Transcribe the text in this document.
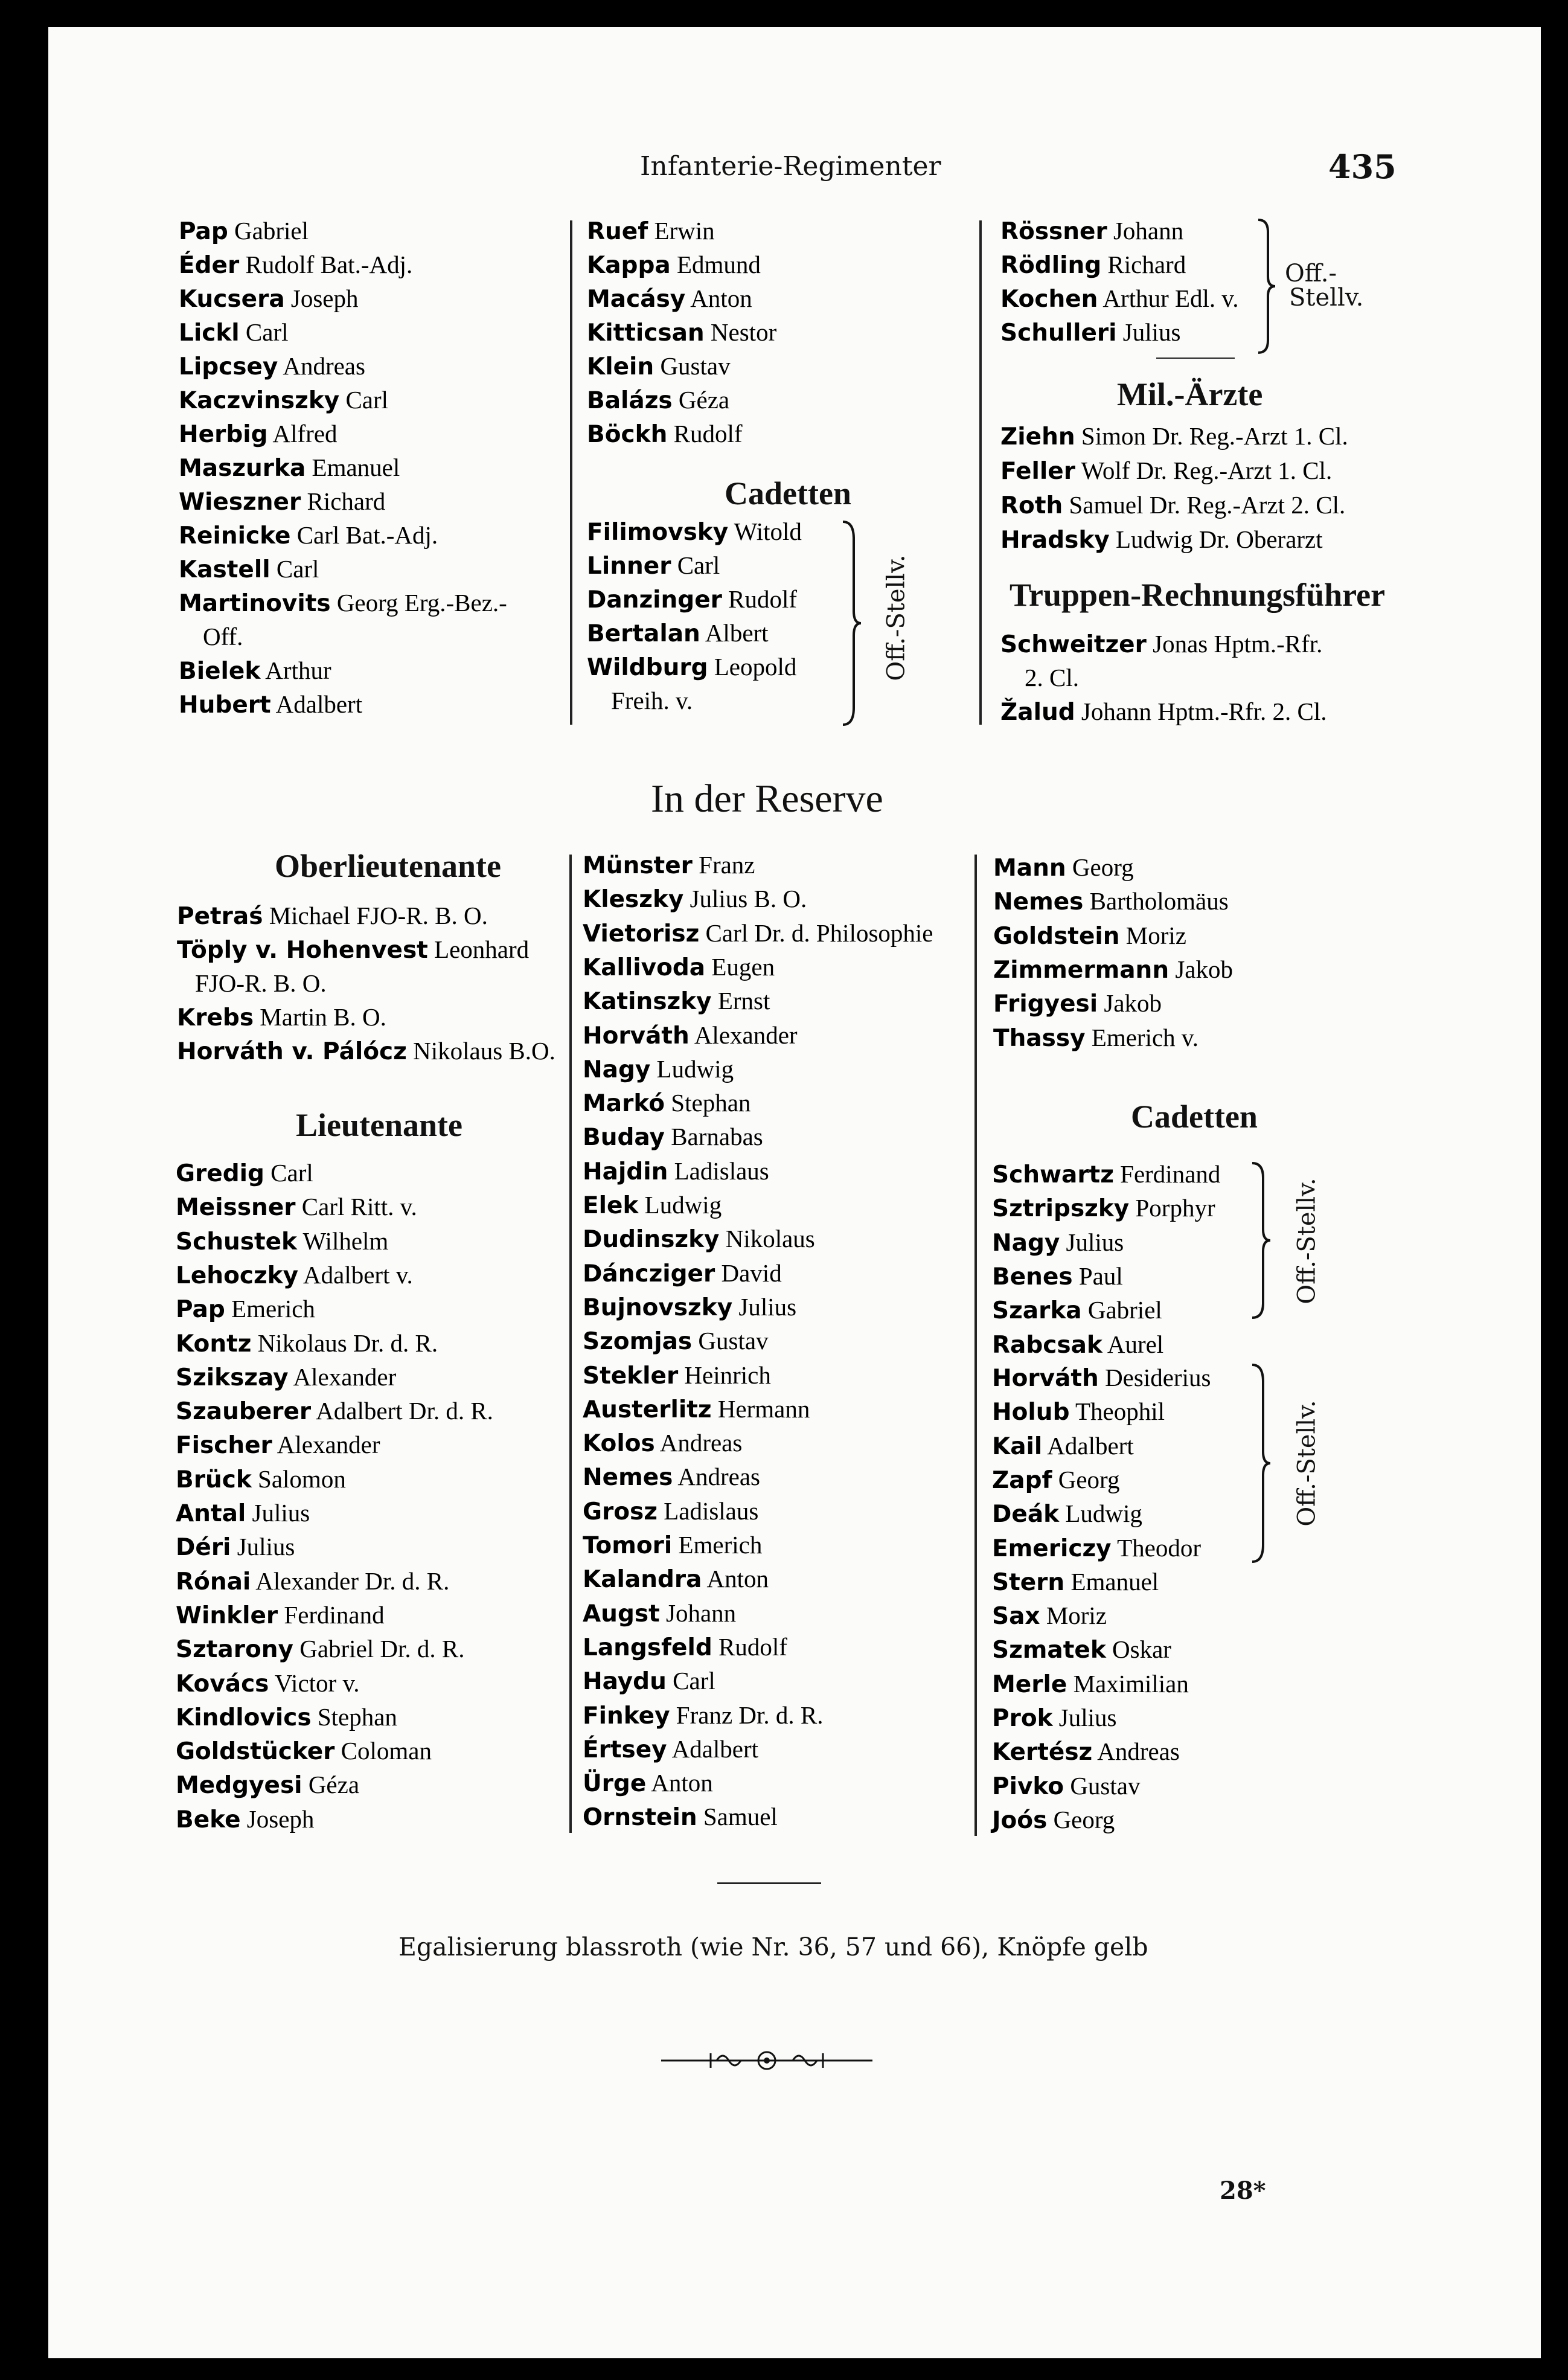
Infanterie-Regimenter	435
Cadetten
Off.-Stellv.
Off.-
Stellv.
Mil.-Ärzte
Truppen-Rechnungsführer
In der Reserve
Oberlieutenante
Lieutenante	Cadetten
Off.-Stellv.
Off.-Stellv.
Egalisierung blassroth (wie Nr. 36, 57 und 66), Knöpfe gelb
28*
Pap Gabriel
Éder Rudolf Bat.-Adj.
Kucsera Joseph
Lickl Carl
Lipcsey Andreas
Kaczvinszky Carl
Herbig Alfred
Maszurka Emanuel
Wieszner Richard
Reinicke Carl Bat.-Adj.
Kastell Carl
Martinovits Georg Erg.-Bez.-
Off.
Bielek Arthur
Hubert Adalbert
Ruef Erwin
Kappa Edmund
Macásy Anton
Kitticsan Nestor
Klein Gustav
Balázs Géza
Böckh Rudolf
Filimovsky Witold
Linner Carl
Danzinger Rudolf
Bertalan Albert
Wildburg Leopold
Freih. v.
Rössner Johann
Rödling Richard
Kochen Arthur Edl. v.
Schulleri Julius
Ziehn Simon Dr. Reg.-Arzt 1. Cl.
Feller Wolf Dr. Reg.-Arzt 1. Cl.
Roth Samuel Dr. Reg.-Arzt 2. Cl.
Hradsky Ludwig Dr. Oberarzt
Schweitzer Jonas Hptm.-Rfr.
2. Cl.
Žalud Johann Hptm.-Rfr. 2. Cl.
Petraś Michael FJO-R. B. O.
Töply v. Hohenvest Leonhard
FJO-R. B. O.
Krebs Martin B. O.
Horváth v. Pálócz Nikolaus B.O.
Gredig Carl
Meissner Carl Ritt. v.
Schustek Wilhelm
Lehoczky Adalbert v.
Pap Emerich
Kontz Nikolaus Dr. d. R.
Szikszay Alexander
Szauberer Adalbert Dr. d. R.
Fischer Alexander
Brück Salomon
Antal Julius
Déri Julius
Rónai Alexander Dr. d. R.
Winkler Ferdinand
Sztarony Gabriel Dr. d. R.
Kovács Victor v.
Kindlovics Stephan
Goldstücker Coloman
Medgyesi Géza
Beke Joseph
Münster Franz
Kleszky Julius B. O.
Vietorisz Carl Dr. d. Philosophie
Kallivoda Eugen
Katinszky Ernst
Horváth Alexander
Nagy Ludwig
Markó Stephan
Buday Barnabas
Hajdin Ladislaus
Elek Ludwig
Dudinszky Nikolaus
Dáncziger David
Bujnovszky Julius
Szomjas Gustav
Stekler Heinrich
Austerlitz Hermann
Kolos Andreas
Nemes Andreas
Grosz Ladislaus
Tomori Emerich
Kalandra Anton
Augst Johann
Langsfeld Rudolf
Haydu Carl
Finkey Franz Dr. d. R.
Értsey Adalbert
Ürge Anton
Ornstein Samuel
Mann Georg
Nemes Bartholomäus
Goldstein Moriz
Zimmermann Jakob
Frigyesi Jakob
Thassy Emerich v.
Schwartz Ferdinand
Sztripszky Porphyr
Nagy Julius
Benes Paul
Szarka Gabriel
Rabcsak Aurel
Horváth Desiderius
Holub Theophil
Kail Adalbert
Zapf Georg
Deák Ludwig
Emericzy Theodor
Stern Emanuel
Sax Moriz
Szmatek Oskar
Merle Maximilian
Prok Julius
Kertész Andreas
Pivko Gustav
Joós Georg
